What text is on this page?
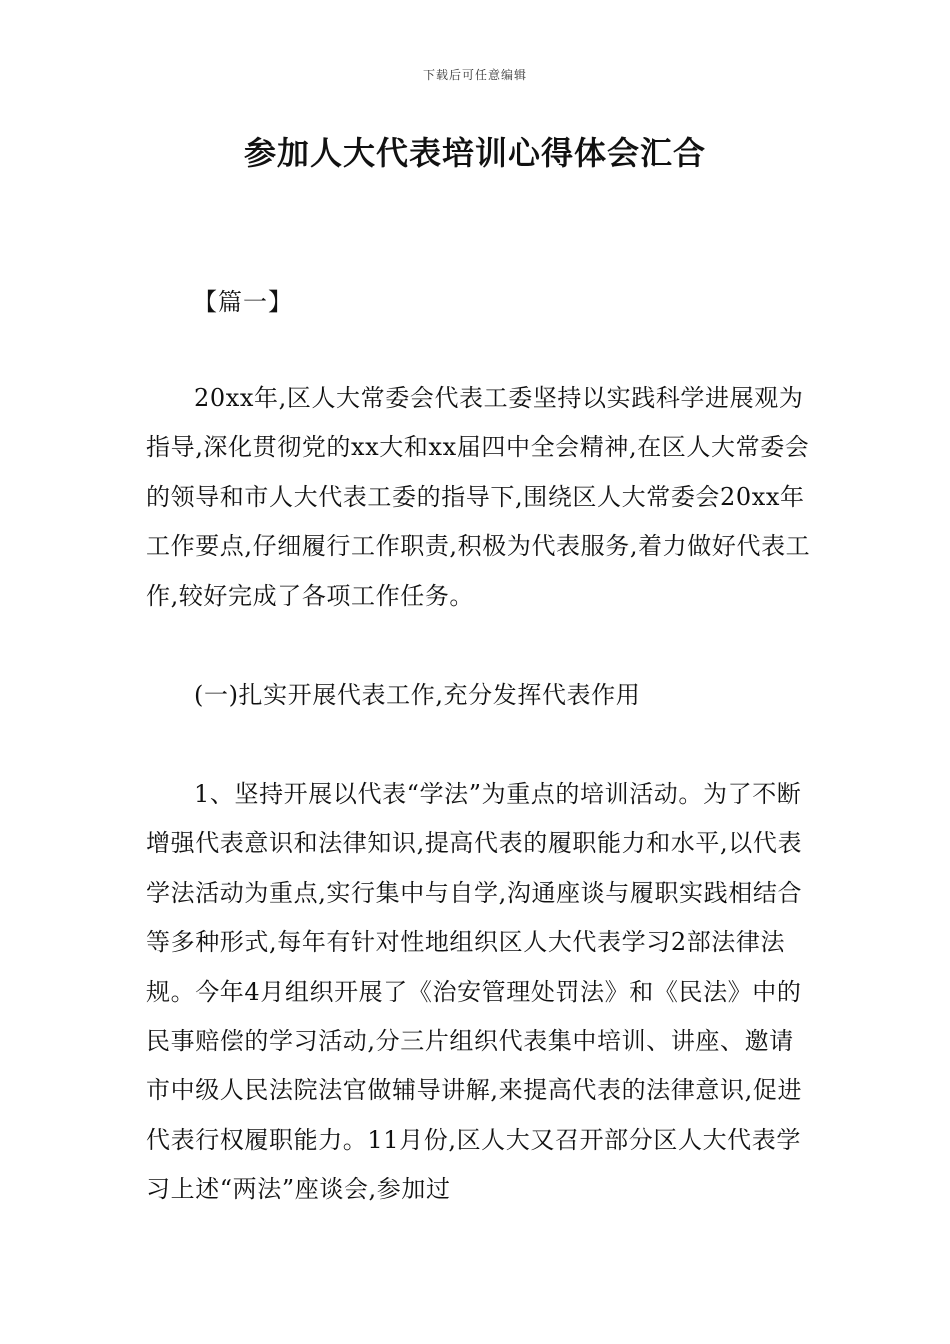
下载后可任意编辑
参加人大代表培训心得体会汇合
【篇一】

20xx年,区人大常委会代表工委坚持以实践科学进展观为指导,深化贯彻党的xx大和xx届四中全会精神,在区人大常委会的领导和市人大代表工委的指导下,围绕区人大常委会20xx年工作要点,仔细履行工作职责,积极为代表服务,着力做好代表工作,较好完成了各项工作任务。

(一)扎实开展代表工作,充分发挥代表作用

1、坚持开展以代表“学法”为重点的培训活动。为了不断增强代表意识和法律知识,提高代表的履职能力和水平,以代表学法活动为重点,实行集中与自学,沟通座谈与履职实践相结合等多种形式,每年有针对性地组织区人大代表学习2部法律法规。今年4月组织开展了《治安管理处罚法》和《民法》中的民事赔偿的学习活动,分三片组织代表集中培训、讲座、邀请市中级人民法院法官做辅导讲解,来提高代表的法律意识,促进代表行权履职能力。11月份,区人大又召开部分区人大代表学习上述“两法”座谈会,参加过
